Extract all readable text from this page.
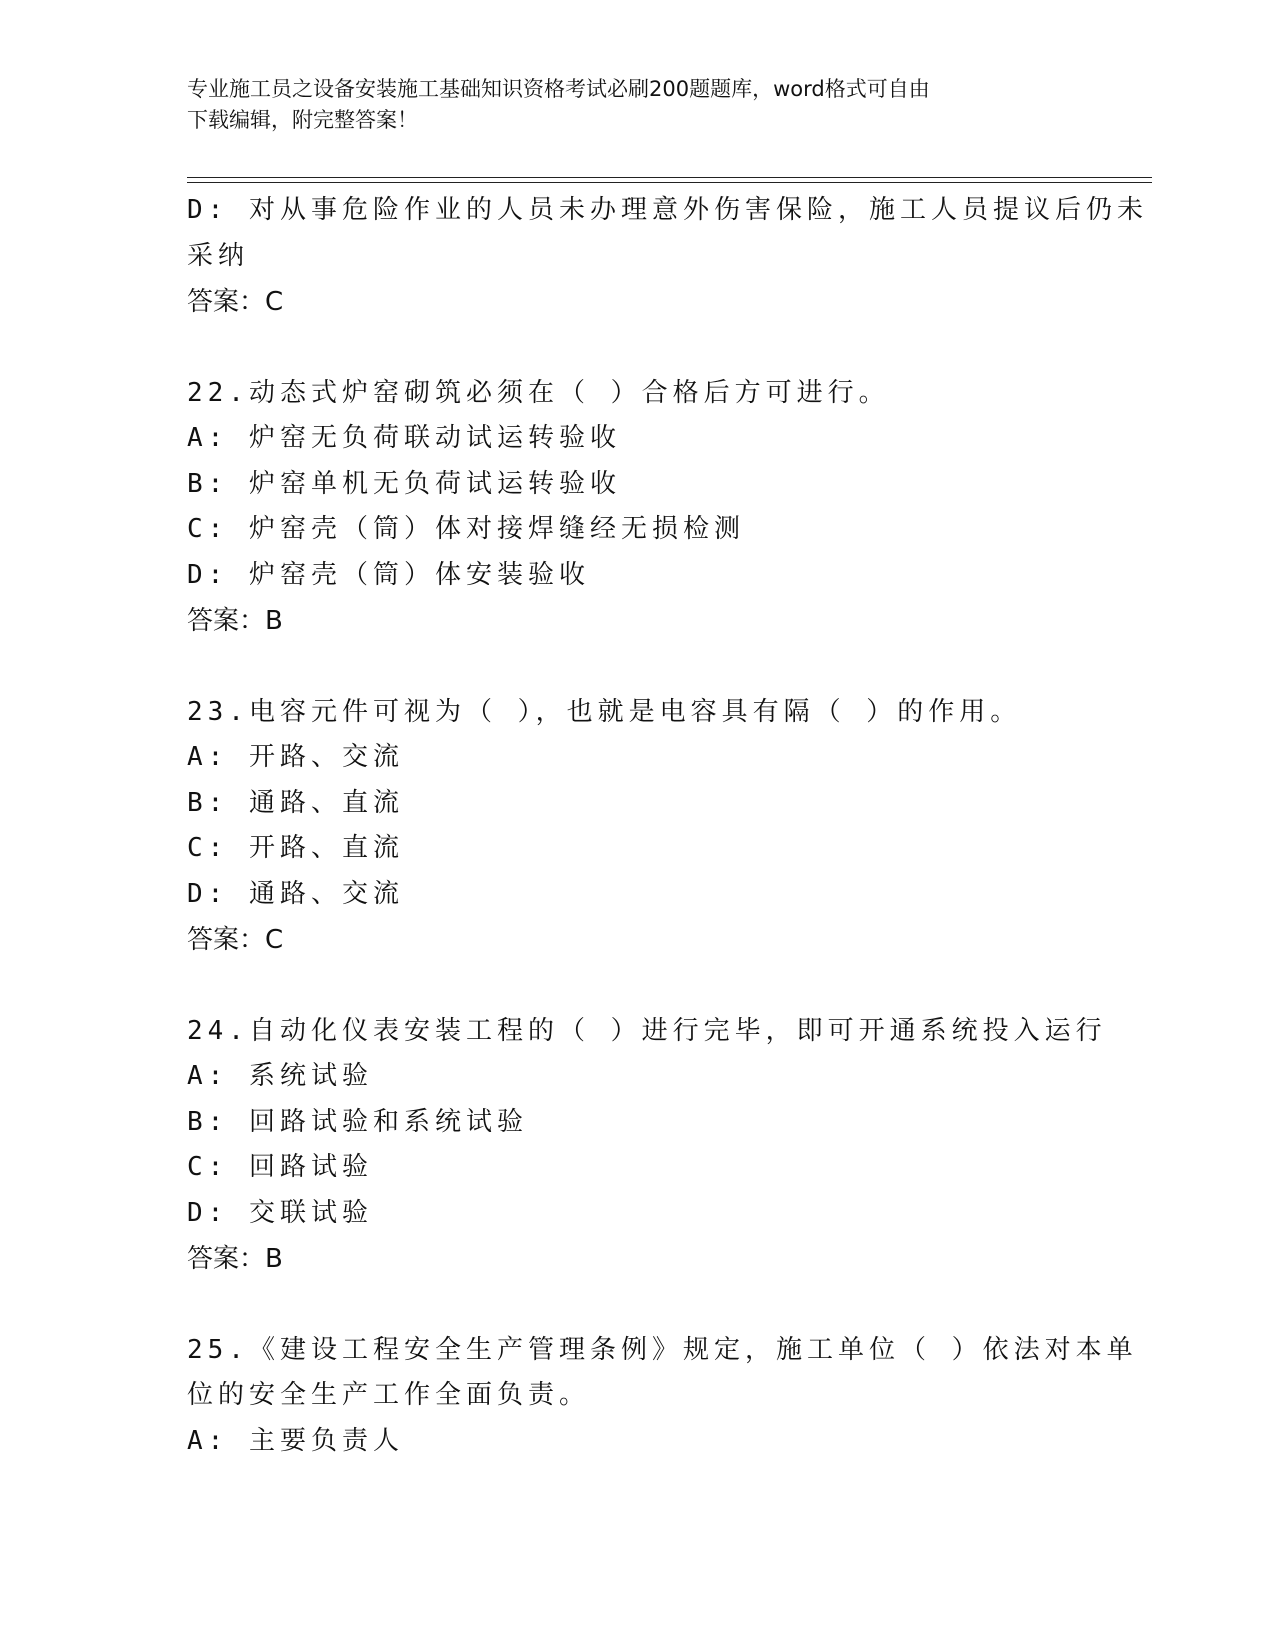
专业施工员之设备安装施工基础知识资格考试必刷200题题库，word格式可自由
下载编辑，附完整答案！
D: 对从事危险作业的人员未办理意外伤害保险，施工人员提议后仍未
采纳
答案：C
22.动态式炉窑砌筑必须在（ ）合格后方可进行。
A: 炉窑无负荷联动试运转验收
B: 炉窑单机无负荷试运转验收
C: 炉窑壳（筒）体对接焊缝经无损检测
D: 炉窑壳（筒）体安装验收
答案：B
23.电容元件可视为（ ），也就是电容具有隔（ ）的作用。
A: 开路、交流
B: 通路、直流
C: 开路、直流
D: 通路、交流
答案：C
24.自动化仪表安装工程的（ ）进行完毕，即可开通系统投入运行
A: 系统试验
B: 回路试验和系统试验
C: 回路试验
D: 交联试验
答案：B
25.《建设工程安全生产管理条例》规定，施工单位（ ）依法对本单
位的安全生产工作全面负责。
A: 主要负责人
